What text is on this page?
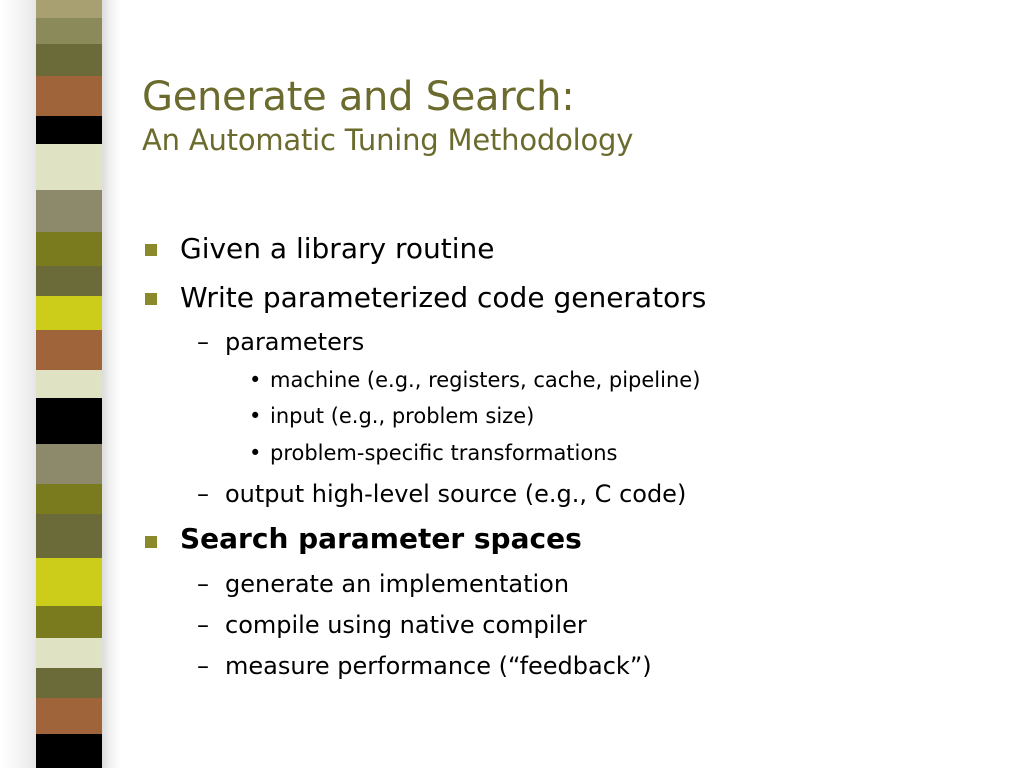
Generate and Search:
An Automatic Tuning Methodology
Given a library routine
Write parameterized code generators
– parameters
• machine (e.g., registers, cache, pipeline)
• input (e.g., problem size)
• problem-specific transformations
– output high-level source (e.g., C code)
Search parameter spaces
– generate an implementation
– compile using native compiler
– measure performance (“feedback”)
